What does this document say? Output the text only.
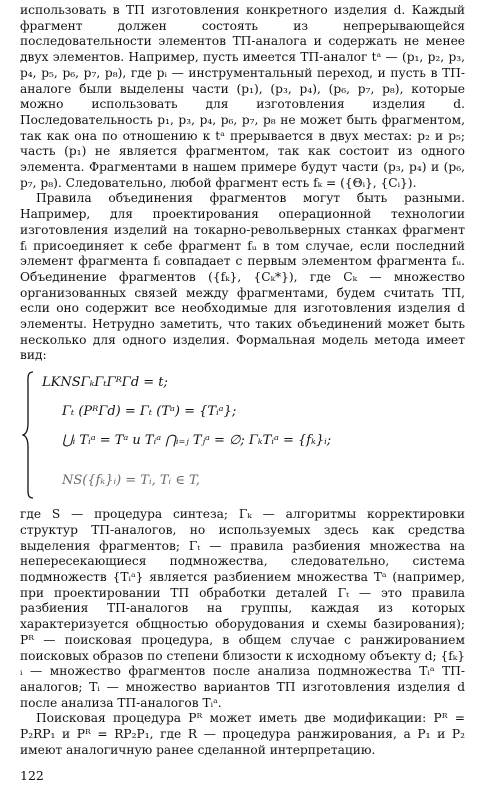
использовать в ТП изготовления конкретного изделия d. Каждый фрагмент должен состоять из непрерывающейся последовательности элементов ТП-аналога и содержать не менее двух элементов. Например, пусть имеется ТП-аналог tᵃ — (p₁, p₂, p₃, p₄, p₅, p₆, p₇, p₈), где pᵢ — инструментальный переход, и пусть в ТП-аналоге были выделены части (p₁), (p₃, p₄), (p₆, p₇, p₈), которые можно использовать для изготовления изделия d. Последовательность p₁, p₃, p₄, p₆, p₇, p₈ не может быть фрагментом, так как она по отношению к tᵃ прерывается в двух местах: p₂ и p₅; часть (p₁) не является фрагментом, так как состоит из одного элемента. Фрагментами в нашем примере будут части (p₃, p₄) и (p₆, p₇, p₈). Следовательно, любой фрагмент есть fₖ = ({Θᵢ}, {Cᵢ}).

Правила объединения фрагментов могут быть разными. Например, для проектирования операционной технологии изготовления изделий на токарно-револьверных станках фрагмент fᵢ присоединяет к себе фрагмент fᵤ в том случае, если последний элемент фрагмента fᵢ совпадает с первым элементом фрагмента fᵤ. Объединение фрагментов ({fₖ}, {Cₖ*}), где Cₖ — множество организованных связей между фрагментами, будем считать ТП, если оно содержит все необходимые для изготовления изделия d элементы. Нетрудно заметить, что таких объединений может быть несколько для одного изделия. Формальная модель метода имеет вид:

LKNSΓₖΓₜΓᴿΓd = t;
Γₜ (PᴿΓd) = Γₜ (Tᵃ) = {Tᵢᵃ};
⋃ᵢ Tᵢᵃ = Tᵃ и Tᵢᵃ ⋂ᵢ₌ⱼ Tⱼᵃ = ∅; ΓₖTᵢᵃ = {fₖ}ᵢ;
NS({fₖ}ᵢ) = Tᵢ, Tᵢ ∈ T,

где S — процедура синтеза; Γₖ — алгоритмы корректировки структур ТП-аналогов, но используемых здесь как средства выделения фрагментов; Γₜ — правила разбиения множества на непересекающиеся подмножества, следовательно, система подмножеств {Tᵢᵃ} является разбиением множества Tᵃ (например, при проектировании ТП обработки деталей Γₜ — это правила разбиения ТП-аналогов на группы, каждая из которых характеризуется общностью оборудования и схемы базирования); Pᴿ — поисковая процедура, в общем случае с ранжированием поисковых образов по степени близости к исходному объекту d; {fₖ}ᵢ — множество фрагментов после анализа подмножества Tᵢᵃ ТП-аналогов; Tᵢ — множество вариантов ТП изготовления изделия d после анализа ТП-аналогов Tᵢᵃ.

Поисковая процедура Pᴿ может иметь две модификации: Pᴿ = P₂RP₁ и Pᴿ = RP₂P₁, где R — процедура ранжирования, а P₁ и P₂ имеют аналогичную ранее сделанной интерпретацию.

122
